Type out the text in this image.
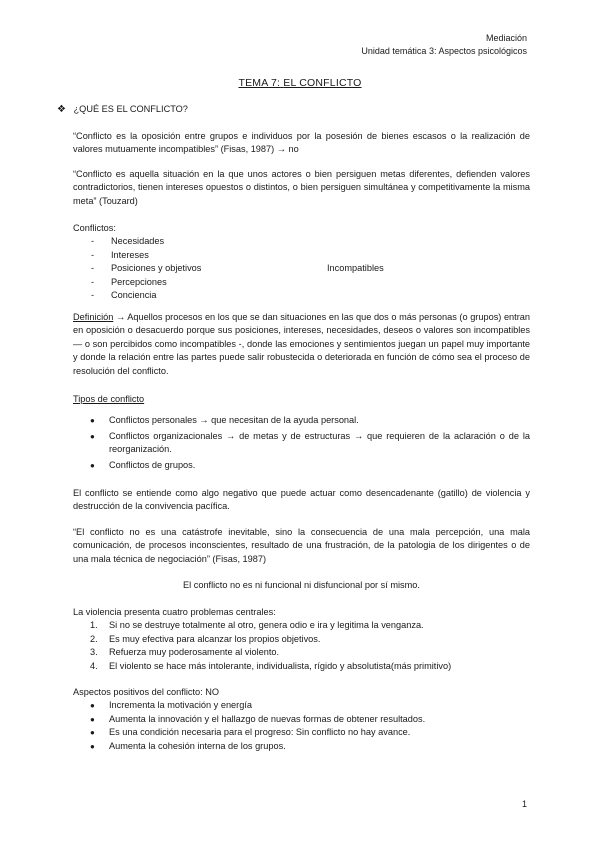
Mediación
Unidad temática 3: Aspectos psicológicos
TEMA 7: EL CONFLICTO
❖ ¿QUÉ ES EL CONFLICTO?
“Conflicto es la oposición entre grupos e individuos por la posesión de bienes escasos o la realización de valores mutuamente incompatibles” (Fisas, 1987) → no
“Conflicto es aquella situación en la que unos actores o bien persiguen metas diferentes, defienden valores contradictorios, tienen intereses opuestos o distintos, o bien persiguen simultánea y competitivamente la misma meta” (Touzard)
Conflictos:
- Necesidades
- Intereses
- Posiciones y objetivos	Incompatibles
- Percepciones
- Conciencia
Definición → Aquellos procesos en los que se dan situaciones en las que dos o más personas (o grupos) entran en oposición o desacuerdo porque sus posiciones, intereses, necesidades, deseos o valores son incompatibles — o son percibidos como incompatibles -, donde las emociones y sentimientos juegan un papel muy importante y donde la relación entre las partes puede salir robustecida o deteriorada en función de cómo sea el proceso de resolución del conflicto.
Tipos de conflicto
● Conflictos personales → que necesitan de la ayuda personal.
● Conflictos organizacionales → de metas y de estructuras → que requieren de la aclaración o de la reorganización.
● Conflictos de grupos.
El conflicto se entiende como algo negativo que puede actuar como desencadenante (gatillo) de violencia y destrucción de la convivencia pacífica.
“El conflicto no es una catástrofe inevitable, sino la consecuencia de una mala percepción, una mala comunicación, de procesos inconscientes, resultado de una frustración, de la patologia de los dirigentes o de una mala técnica de negociación” (Fisas, 1987)
El conflicto no es ni funcional ni disfuncional por sí mismo.
La violencia presenta cuatro problemas centrales:
1. Si no se destruye totalmente al otro, genera odio e ira y legitima la venganza.
2. Es muy efectiva para alcanzar los propios objetivos.
3. Refuerza muy poderosamente al violento.
4. El violento se hace más intolerante, individualista, rígido y absolutista(más primitivo)
Aspectos positivos del conflicto: NO
● Incrementa la motivación y energía
● Aumenta la innovación y el hallazgo de nuevas formas de obtener resultados.
● Es una condición necesaria para el progreso: Sin conflicto no hay avance.
● Aumenta la cohesión interna de los grupos.
1
